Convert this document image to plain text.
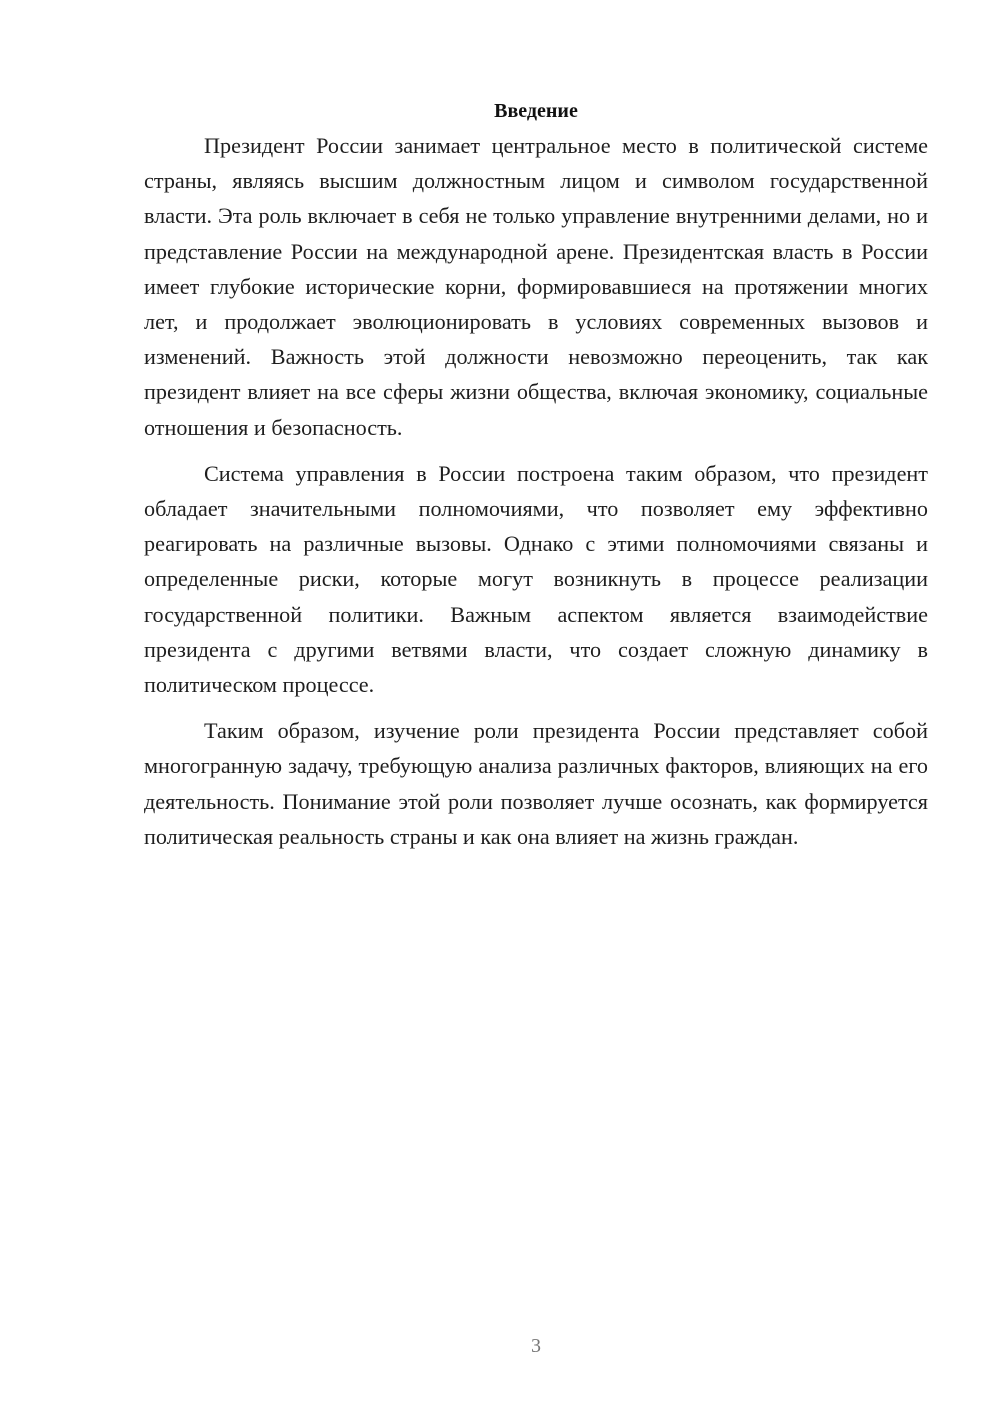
Введение

Президент России занимает центральное место в политической системе страны, являясь высшим должностным лицом и символом государственной власти. Эта роль включает в себя не только управление внутренними делами, но и представление России на международной арене. Президентская власть в России имеет глубокие исторические корни, формировавшиеся на протяжении многих лет, и продолжает эволюционировать в условиях современных вызовов и изменений. Важность этой должности невозможно переоценить, так как президент влияет на все сферы жизни общества, включая экономику, социальные отношения и безопасность.

Система управления в России построена таким образом, что президент обладает значительными полномочиями, что позволяет ему эффективно реагировать на различные вызовы. Однако с этими полномочиями связаны и определенные риски, которые могут возникнуть в процессе реализации государственной политики. Важным аспектом является взаимодействие президента с другими ветвями власти, что создает сложную динамику в политическом процессе.

Таким образом, изучение роли президента России представляет собой многогранную задачу, требующую анализа различных факторов, влияющих на его деятельность. Понимание этой роли позволяет лучше осознать, как формируется политическая реальность страны и как она влияет на жизнь граждан.

3
